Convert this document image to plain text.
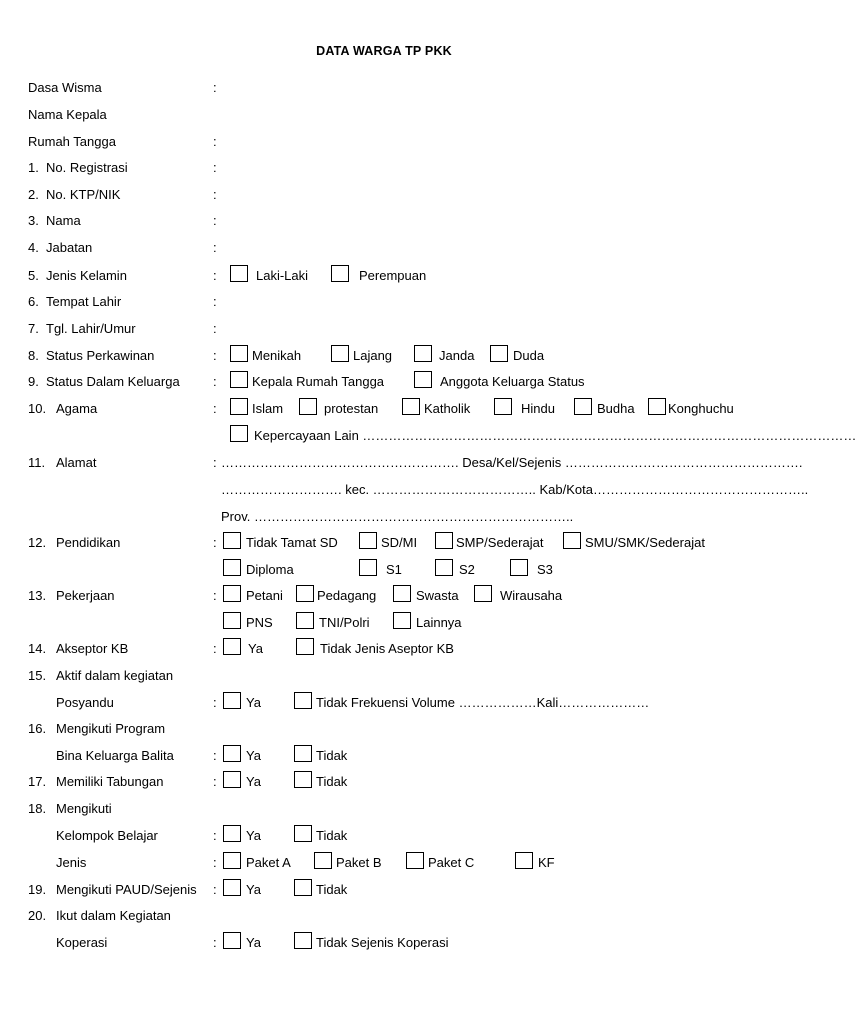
DATA WARGA TP PKK
Dasa Wisma	:
Nama Kepala
Rumah Tangga	:
1. No. Registrasi	:
2. No. KTP/NIK	:
3. Nama	:
4. Jabatan	:
5. Jenis Kelamin	:	Laki-Laki	Perempuan
6. Tempat Lahir	:
7. Tgl. Lahir/Umur	:
8. Status Perkawinan	:	Menikah	Lajang	Janda	Duda
9. Status Dalam Keluarga	:	Kepala Rumah Tangga	Anggota Keluarga Status
10. Agama	:	Islam	protestan	Katholik	Hindu	Budha	Konghuchu
Kepercayaan Lain ……………………………………………………………………………………………………
11. Alamat	: ………………………………………………. Desa/Kel/Sejenis ……………………………………………….
………………………. kec. ……………………………….. Kab/Kota…………………………………………..
Prov. ………………………………………………………………..
12. Pendidikan	: Tidak Tamat SD	SD/MI	SMP/Sederajat	SMU/SMK/Sederajat
Diploma	S1	S2	S3
13. Pekerjaan	: Petani	Pedagang	Swasta	Wirausaha
PNS	TNI/Polri	Lainnya
14. Akseptor KB	: Ya	Tidak Jenis Aseptor KB
15. Aktif dalam kegiatan
Posyandu	: Ya	Tidak Frekuensi Volume ………………Kali…………………
16. Mengikuti Program
Bina Keluarga Balita	: Ya	Tidak
17. Memiliki Tabungan	: Ya	Tidak
18. Mengikuti
Kelompok Belajar	: Ya	Tidak
Jenis	: Paket A	Paket B	Paket C	KF
19. Mengikuti PAUD/Sejenis : Ya	Tidak
20. Ikut dalam Kegiatan
Koperasi	: Ya	Tidak Sejenis Koperasi
